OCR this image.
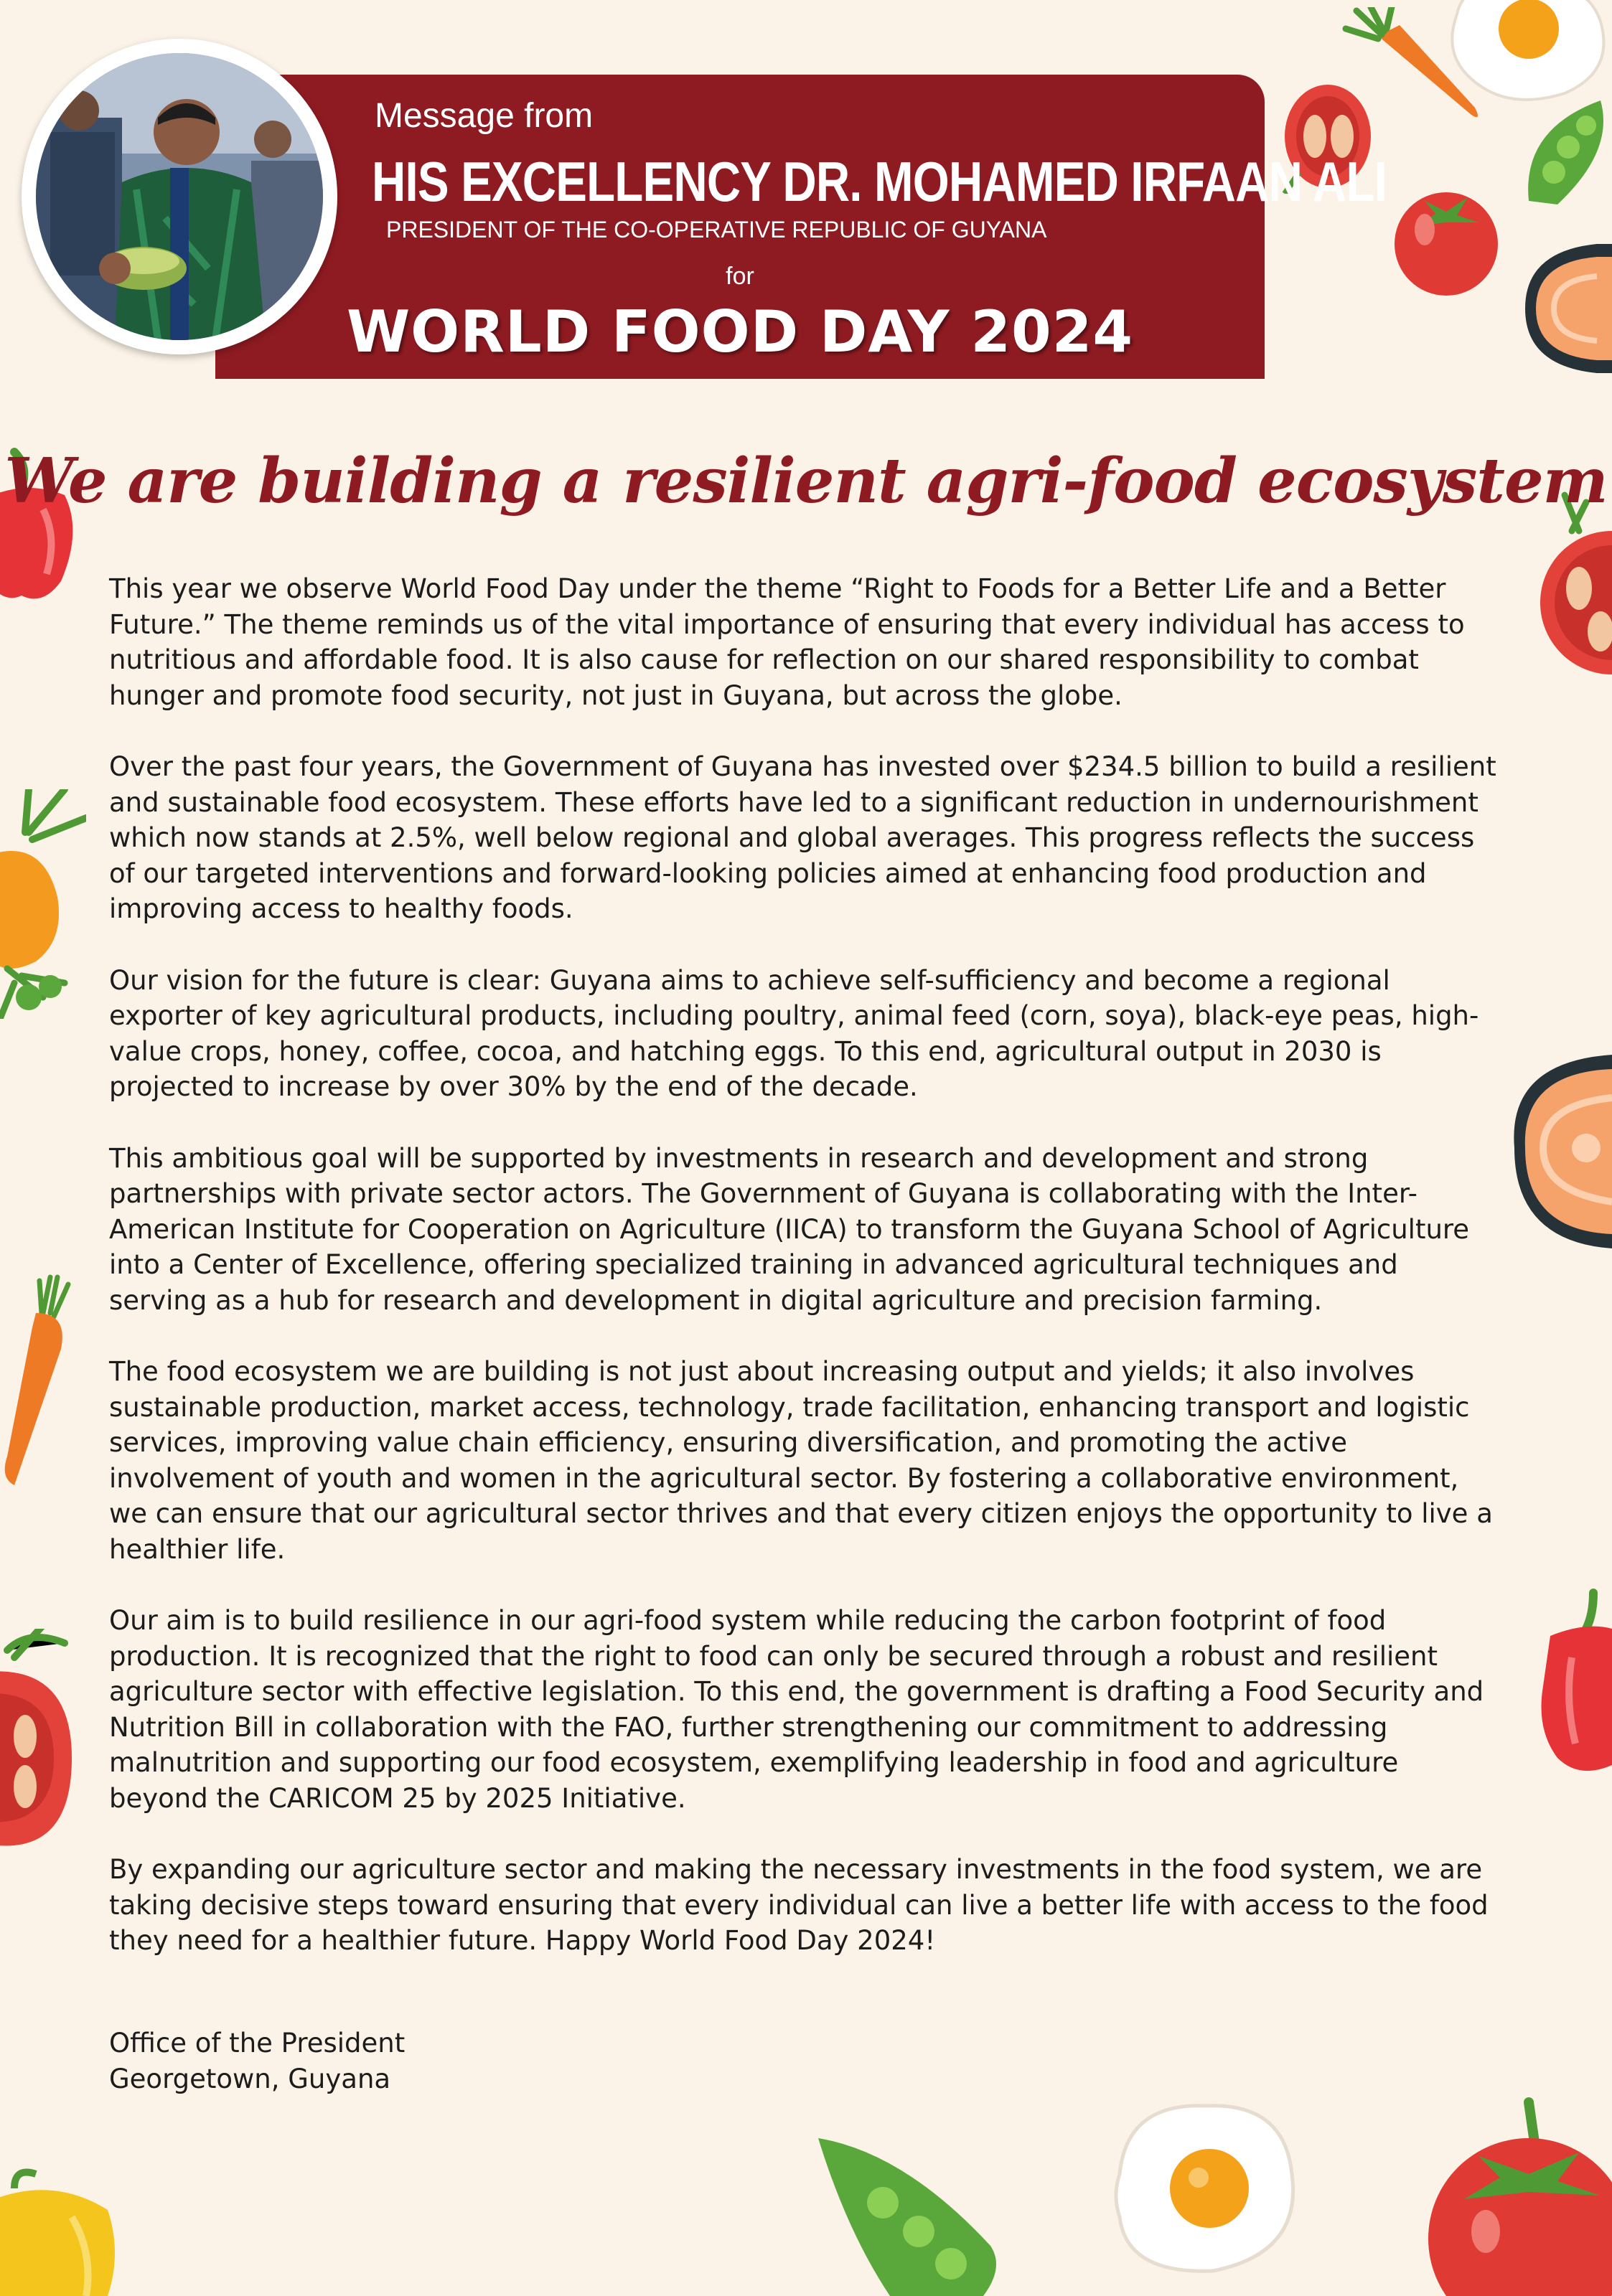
Message from
HIS EXCELLENCY DR. MOHAMED IRFAAN ALI
PRESIDENT OF THE CO-OPERATIVE REPUBLIC OF GUYANA
for
WORLD FOOD DAY 2024
We are building a resilient agri-food ecosystem

This year we observe World Food Day under the theme “Right to Foods for a Better Life and a Better Future.” The theme reminds us of the vital importance of ensuring that every individual has access to nutritious and affordable food. It is also cause for reflection on our shared responsibility to combat hunger and promote food security, not just in Guyana, but across the globe.

Over the past four years, the Government of Guyana has invested over $234.5 billion to build a resilient and sustainable food ecosystem. These efforts have led to a significant reduction in undernourishment which now stands at 2.5%, well below regional and global averages. This progress reflects the success of our targeted interventions and forward-looking policies aimed at enhancing food production and improving access to healthy foods.

Our vision for the future is clear: Guyana aims to achieve self-sufficiency and become a regional exporter of key agricultural products, including poultry, animal feed (corn, soya), black-eye peas, high-value crops, honey, coffee, cocoa, and hatching eggs. To this end, agricultural output in 2030 is projected to increase by over 30% by the end of the decade.

This ambitious goal will be supported by investments in research and development and strong partnerships with private sector actors. The Government of Guyana is collaborating with the Inter-American Institute for Cooperation on Agriculture (IICA) to transform the Guyana School of Agriculture into a Center of Excellence, offering specialized training in advanced agricultural techniques and serving as a hub for research and development in digital agriculture and precision farming.

The food ecosystem we are building is not just about increasing output and yields; it also involves sustainable production, market access, technology, trade facilitation, enhancing transport and logistic services, improving value chain efficiency, ensuring diversification, and promoting the active involvement of youth and women in the agricultural sector. By fostering a collaborative environment, we can ensure that our agricultural sector thrives and that every citizen enjoys the opportunity to live a healthier life.

Our aim is to build resilience in our agri-food system while reducing the carbon footprint of food production. It is recognized that the right to food can only be secured through a robust and resilient agriculture sector with effective legislation. To this end, the government is drafting a Food Security and Nutrition Bill in collaboration with the FAO, further strengthening our commitment to addressing malnutrition and supporting our food ecosystem, exemplifying leadership in food and agriculture beyond the CARICOM 25 by 2025 Initiative.

By expanding our agriculture sector and making the necessary investments in the food system, we are taking decisive steps toward ensuring that every individual can live a better life with access to the food they need for a healthier future. Happy World Food Day 2024!

Office of the President
Georgetown, Guyana
